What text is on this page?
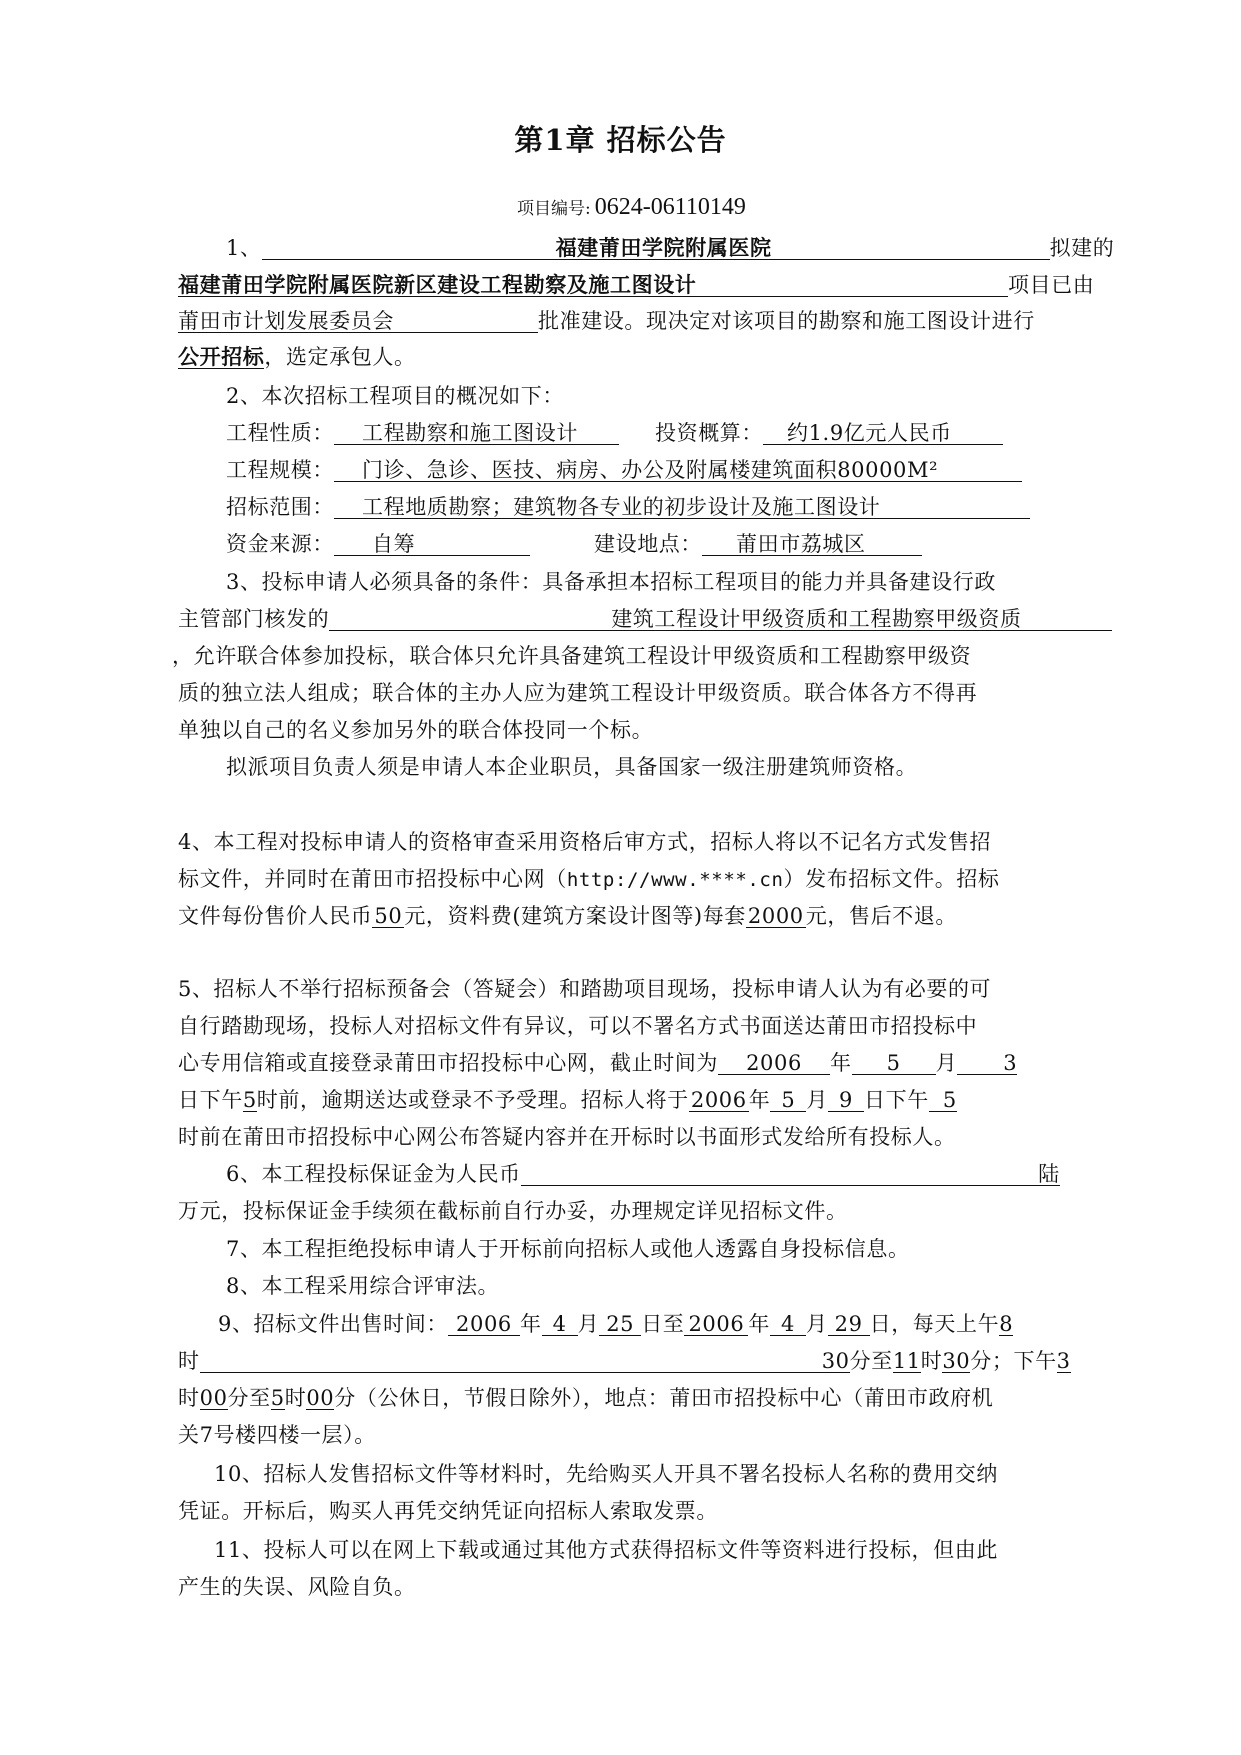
第1章 招标公告
项目编号: 0624-06110149
1、	福建莆田学院附属医院	拟建的
福建莆田学院附属医院新区建设工程勘察及施工图设计	项目已由
莆田市计划发展委员会	批准建设。现决定对该项目的勘察和施工图设计进行
公开招标，选定承包人。
2、本次招标工程项目的概况如下：
工程性质： 工程勘察和施工图设计	投资概算： 约1.9亿元人民币
工程规模： 门诊、急诊、医技、病房、办公及附属楼建筑面积80000M²
招标范围： 工程地质勘察；建筑物各专业的初步设计及施工图设计
资金来源： 自筹	建设地点： 莆田市荔城区
3、投标申请人必须具备的条件：具备承担本招标工程项目的能力并具备建设行政
主管部门核发的	建筑工程设计甲级资质和工程勘察甲级资质
，允许联合体参加投标，联合体只允许具备建筑工程设计甲级资质和工程勘察甲级资
质的独立法人组成；联合体的主办人应为建筑工程设计甲级资质。联合体各方不得再
单独以自己的名义参加另外的联合体投同一个标。
拟派项目负责人须是申请人本企业职员，具备国家一级注册建筑师资格。
4、本工程对投标申请人的资格审查采用资格后审方式，招标人将以不记名方式发售招
标文件，并同时在莆田市招投标中心网（http://www.****.cn）发布招标文件。招标
文件每份售价人民币50元，资料费(建筑方案设计图等)每套2000元，售后不退。
5、招标人不举行招标预备会（答疑会）和踏勘项目现场，投标申请人认为有必要的可
自行踏勘现场，投标人对招标文件有异议，可以不署名方式书面送达莆田市招投标中
心专用信箱或直接登录莆田市招投标中心网，截止时间为 2006 年 5 月 3
日下午5时前，逾期送达或登录不予受理。招标人将于2006年 5 月 9 日下午 5
时前在莆田市招投标中心网公布答疑内容并在开标时以书面形式发给所有投标人。
6、本工程投标保证金为人民币	陆
万元，投标保证金手续须在截标前自行办妥，办理规定详见招标文件。
7、本工程拒绝投标申请人于开标前向招标人或他人透露自身投标信息。
8、本工程采用综合评审法。
9、招标文件出售时间： 2006 年 4 月 25 日至 2006 年 4 月 29 日，每天上午8
时	30分至11时30分；下午3
时00分至5时00分（公休日，节假日除外），地点：莆田市招投标中心（莆田市政府机
关7号楼四楼一层）。
10、招标人发售招标文件等材料时，先给购买人开具不署名投标人名称的费用交纳
凭证。开标后，购买人再凭交纳凭证向招标人索取发票。
11、投标人可以在网上下载或通过其他方式获得招标文件等资料进行投标，但由此
产生的失误、风险自负。
